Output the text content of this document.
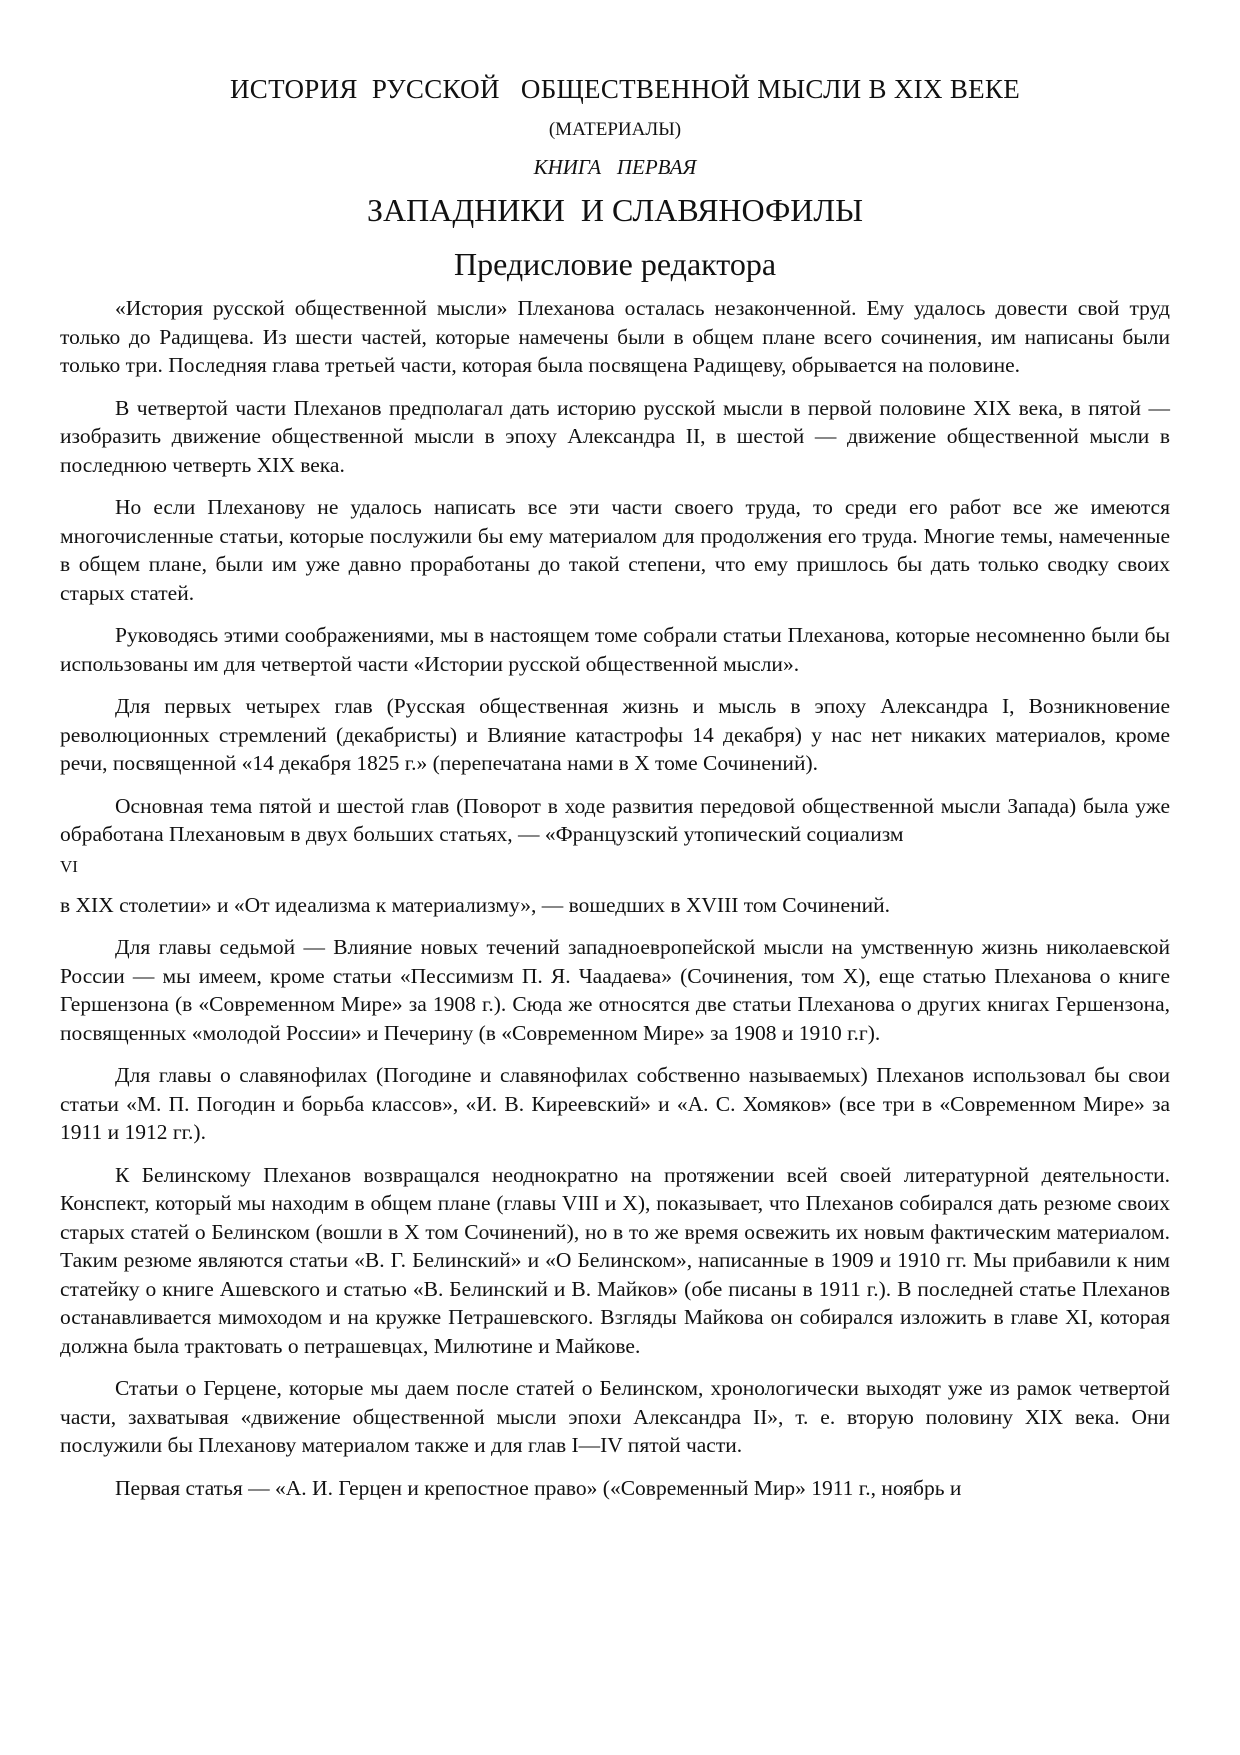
ИСТОРИЯ  РУССКОЙ   ОБЩЕСТВЕННОЙ МЫСЛИ В XIX ВЕКЕ
(МАТЕРИАЛЫ)
КНИГА   ПЕРВАЯ
ЗАПАДНИКИ  И СЛАВЯНОФИЛЫ
Предисловие редактора

«История русской общественной мысли» Плеханова осталась незаконченной. Ему удалось довести свой труд только до Радищева. Из шести частей, которые намечены были в общем плане всего сочинения, им написаны были только три. Последняя глава третьей части, которая была посвящена Радищеву, обрывается на половине.

В четвертой части Плеханов предполагал дать историю русской мысли в первой половине XIX века, в пятой — изобразить движение общественной мысли в эпоху Александра II, в шестой — движение общественной мысли в последнюю четверть XIX века.

Но если Плеханову не удалось написать все эти части своего труда, то среди его работ все же имеются многочисленные статьи, которые послужили бы ему материалом для продолжения его труда. Многие темы, намеченные в общем плане, были им уже давно проработаны до такой степени, что ему пришлось бы дать только сводку своих старых статей.

Руководясь этими соображениями, мы в настоящем томе собрали статьи Плеханова, которые несомненно были бы использованы им для четвертой части «Истории русской общественной мысли».

Для первых четырех глав (Русская общественная жизнь и мысль в эпоху Александра I, Возникновение революционных стремлений (декабристы) и Влияние катастрофы 14 декабря) у нас нет никаких материалов, кроме речи, посвященной «14 декабря 1825 г.» (перепечатана нами в X томе Сочинений).

Основная тема пятой и шестой глав (Поворот в ходе развития передовой общественной мысли Запада) была уже обработана Плехановым в двух больших статьях, — «Французский утопический социализм

VI

в XIX столетии» и «От идеализма к материализму», — вошедших в XVIII том Сочинений.

Для главы седьмой — Влияние новых течений западноевропейской мысли на умственную жизнь николаевской России — мы имеем, кроме статьи «Пессимизм П. Я. Чаадаева» (Сочинения, том X), еще статью Плеханова о книге Гершензона (в «Современном Мире» за 1908 г.). Сюда же относятся две статьи Плеханова о других книгах Гершензона, посвященных «молодой России» и Печерину (в «Современном Мире» за 1908 и 1910 г.г).

Для главы о славянофилах (Погодине и славянофилах собственно называемых) Плеханов использовал бы свои статьи «М. П. Погодин и борьба классов», «И. В. Киреевский» и «А. С. Хомяков» (все три в «Современном Мире» за 1911 и 1912 гг.).

К Белинскому Плеханов возвращался неоднократно на протяжении всей своей литературной деятельности. Конспект, который мы находим в общем плане (главы VIII и X), показывает, что Плеханов собирался дать резюме своих старых статей о Белинском (вошли в X том Сочинений), но в то же время освежить их новым фактическим материалом. Таким резюме являются статьи «В. Г. Белинский» и «О Белинском», написанные в 1909 и 1910 гг. Мы прибавили к ним статейку о книге Ашевского и статью «В. Белинский и В. Майков» (обе писаны в 1911 г.). В последней статье Плеханов останавливается мимоходом и на кружке Петрашевского. Взгляды Майкова он собирался изложить в главе XI, которая должна была трактовать о петрашевцах, Милютине и Майкове.

Статьи о Герцене, которые мы даем после статей о Белинском, хронологически выходят уже из рамок четвертой части, захватывая «движение общественной мысли эпохи Александра II», т. е. вторую половину XIX века. Они послужили бы Плеханову материалом также и для глав I—IV пятой части.

Первая статья — «А. И. Герцен и крепостное право» («Современный Мир» 1911 г., ноябрь и
